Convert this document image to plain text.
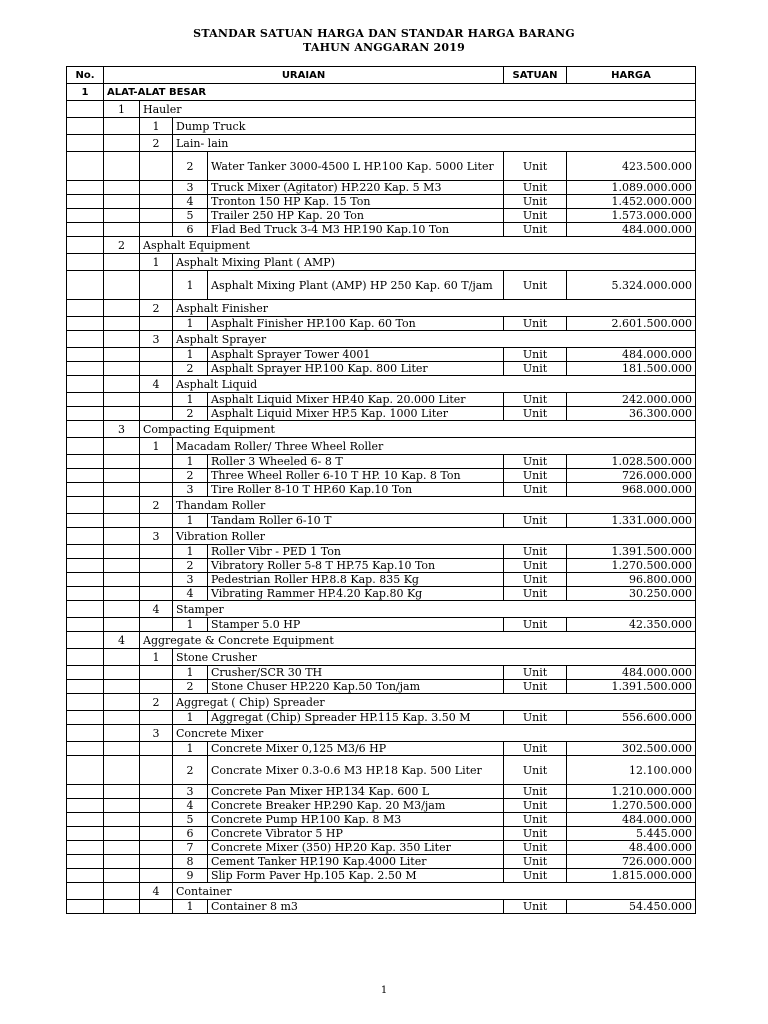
STANDAR SATUAN HARGA DAN STANDAR HARGA BARANG
TAHUN ANGGARAN 2019
No.	URAIAN				SATUAN	HARGA
1	ALAT-ALAT BESAR					
	1	Hauler				
		1	Dump Truck			
		2	Lain- lain			
			2	Water Tanker 3000-4500 L HP.100 Kap. 5000 Liter	Unit	423.500.000
			3	Truck Mixer (Agitator) HP.220 Kap. 5 M3	Unit	1.089.000.000
			4	Tronton 150 HP Kap. 15 Ton	Unit	1.452.000.000
			5	Trailer 250 HP Kap. 20 Ton	Unit	1.573.000.000
			6	Flad Bed Truck 3-4 M3 HP.190 Kap.10 Ton	Unit	484.000.000
	2	Asphalt Equipment				
		1	Asphalt Mixing Plant ( AMP)			
			1	Asphalt Mixing Plant (AMP) HP 250 Kap. 60 T/jam	Unit	5.324.000.000
		2	Asphalt Finisher			
			1	Asphalt Finisher HP.100 Kap. 60 Ton	Unit	2.601.500.000
		3	Asphalt Sprayer			
			1	Asphalt Sprayer Tower 4001	Unit	484.000.000
			2	Asphalt Sprayer HP.100 Kap. 800 Liter	Unit	181.500.000
		4	Asphalt Liquid			
			1	Asphalt Liquid Mixer HP.40 Kap. 20.000 Liter	Unit	242.000.000
			2	Asphalt Liquid Mixer HP.5 Kap. 1000 Liter	Unit	36.300.000
	3	Compacting Equipment				
		1	Macadam Roller/ Three Wheel Roller			
			1	Roller 3 Wheeled 6- 8 T	Unit	1.028.500.000
			2	Three Wheel Roller 6-10 T HP. 10 Kap. 8 Ton	Unit	726.000.000
			3	Tire Roller 8-10 T HP.60 Kap.10 Ton	Unit	968.000.000
		2	Thandam Roller			
			1	Tandam Roller 6-10 T	Unit	1.331.000.000
		3	Vibration Roller			
			1	Roller Vibr - PED 1 Ton	Unit	1.391.500.000
			2	Vibratory Roller 5-8 T HP.75 Kap.10 Ton	Unit	1.270.500.000
			3	Pedestrian Roller HP.8.8 Kap. 835 Kg	Unit	96.800.000
			4	Vibrating Rammer HP.4.20 Kap.80 Kg	Unit	30.250.000
		4	Stamper			
			1	Stamper 5.0 HP	Unit	42.350.000
	4	Aggregate & Concrete Equipment				
		1	Stone Crusher			
			1	Crusher/SCR 30 TH	Unit	484.000.000
			2	Stone Chuser HP.220 Kap.50 Ton/jam	Unit	1.391.500.000
		2	Aggregat ( Chip) Spreader			
			1	Aggregat (Chip) Spreader HP.115 Kap. 3.50 M	Unit	556.600.000
		3	Concrete Mixer			
			1	Concrete Mixer 0,125 M3/6 HP	Unit	302.500.000
			2	Concrate Mixer 0.3-0.6 M3 HP.18 Kap. 500 Liter	Unit	12.100.000
			3	Concrete Pan Mixer HP.134 Kap. 600 L	Unit	1.210.000.000
			4	Concrete Breaker HP.290 Kap. 20 M3/jam	Unit	1.270.500.000
			5	Concrete Pump HP.100 Kap. 8 M3	Unit	484.000.000
			6	Concrete Vibrator 5 HP	Unit	5.445.000
			7	Concrete Mixer (350) HP.20 Kap. 350 Liter	Unit	48.400.000
			8	Cement Tanker HP.190 Kap.4000 Liter	Unit	726.000.000
			9	Slip Form Paver Hp.105 Kap. 2.50 M	Unit	1.815.000.000
		4	Container			
			1	Container 8 m3	Unit	54.450.000
1
